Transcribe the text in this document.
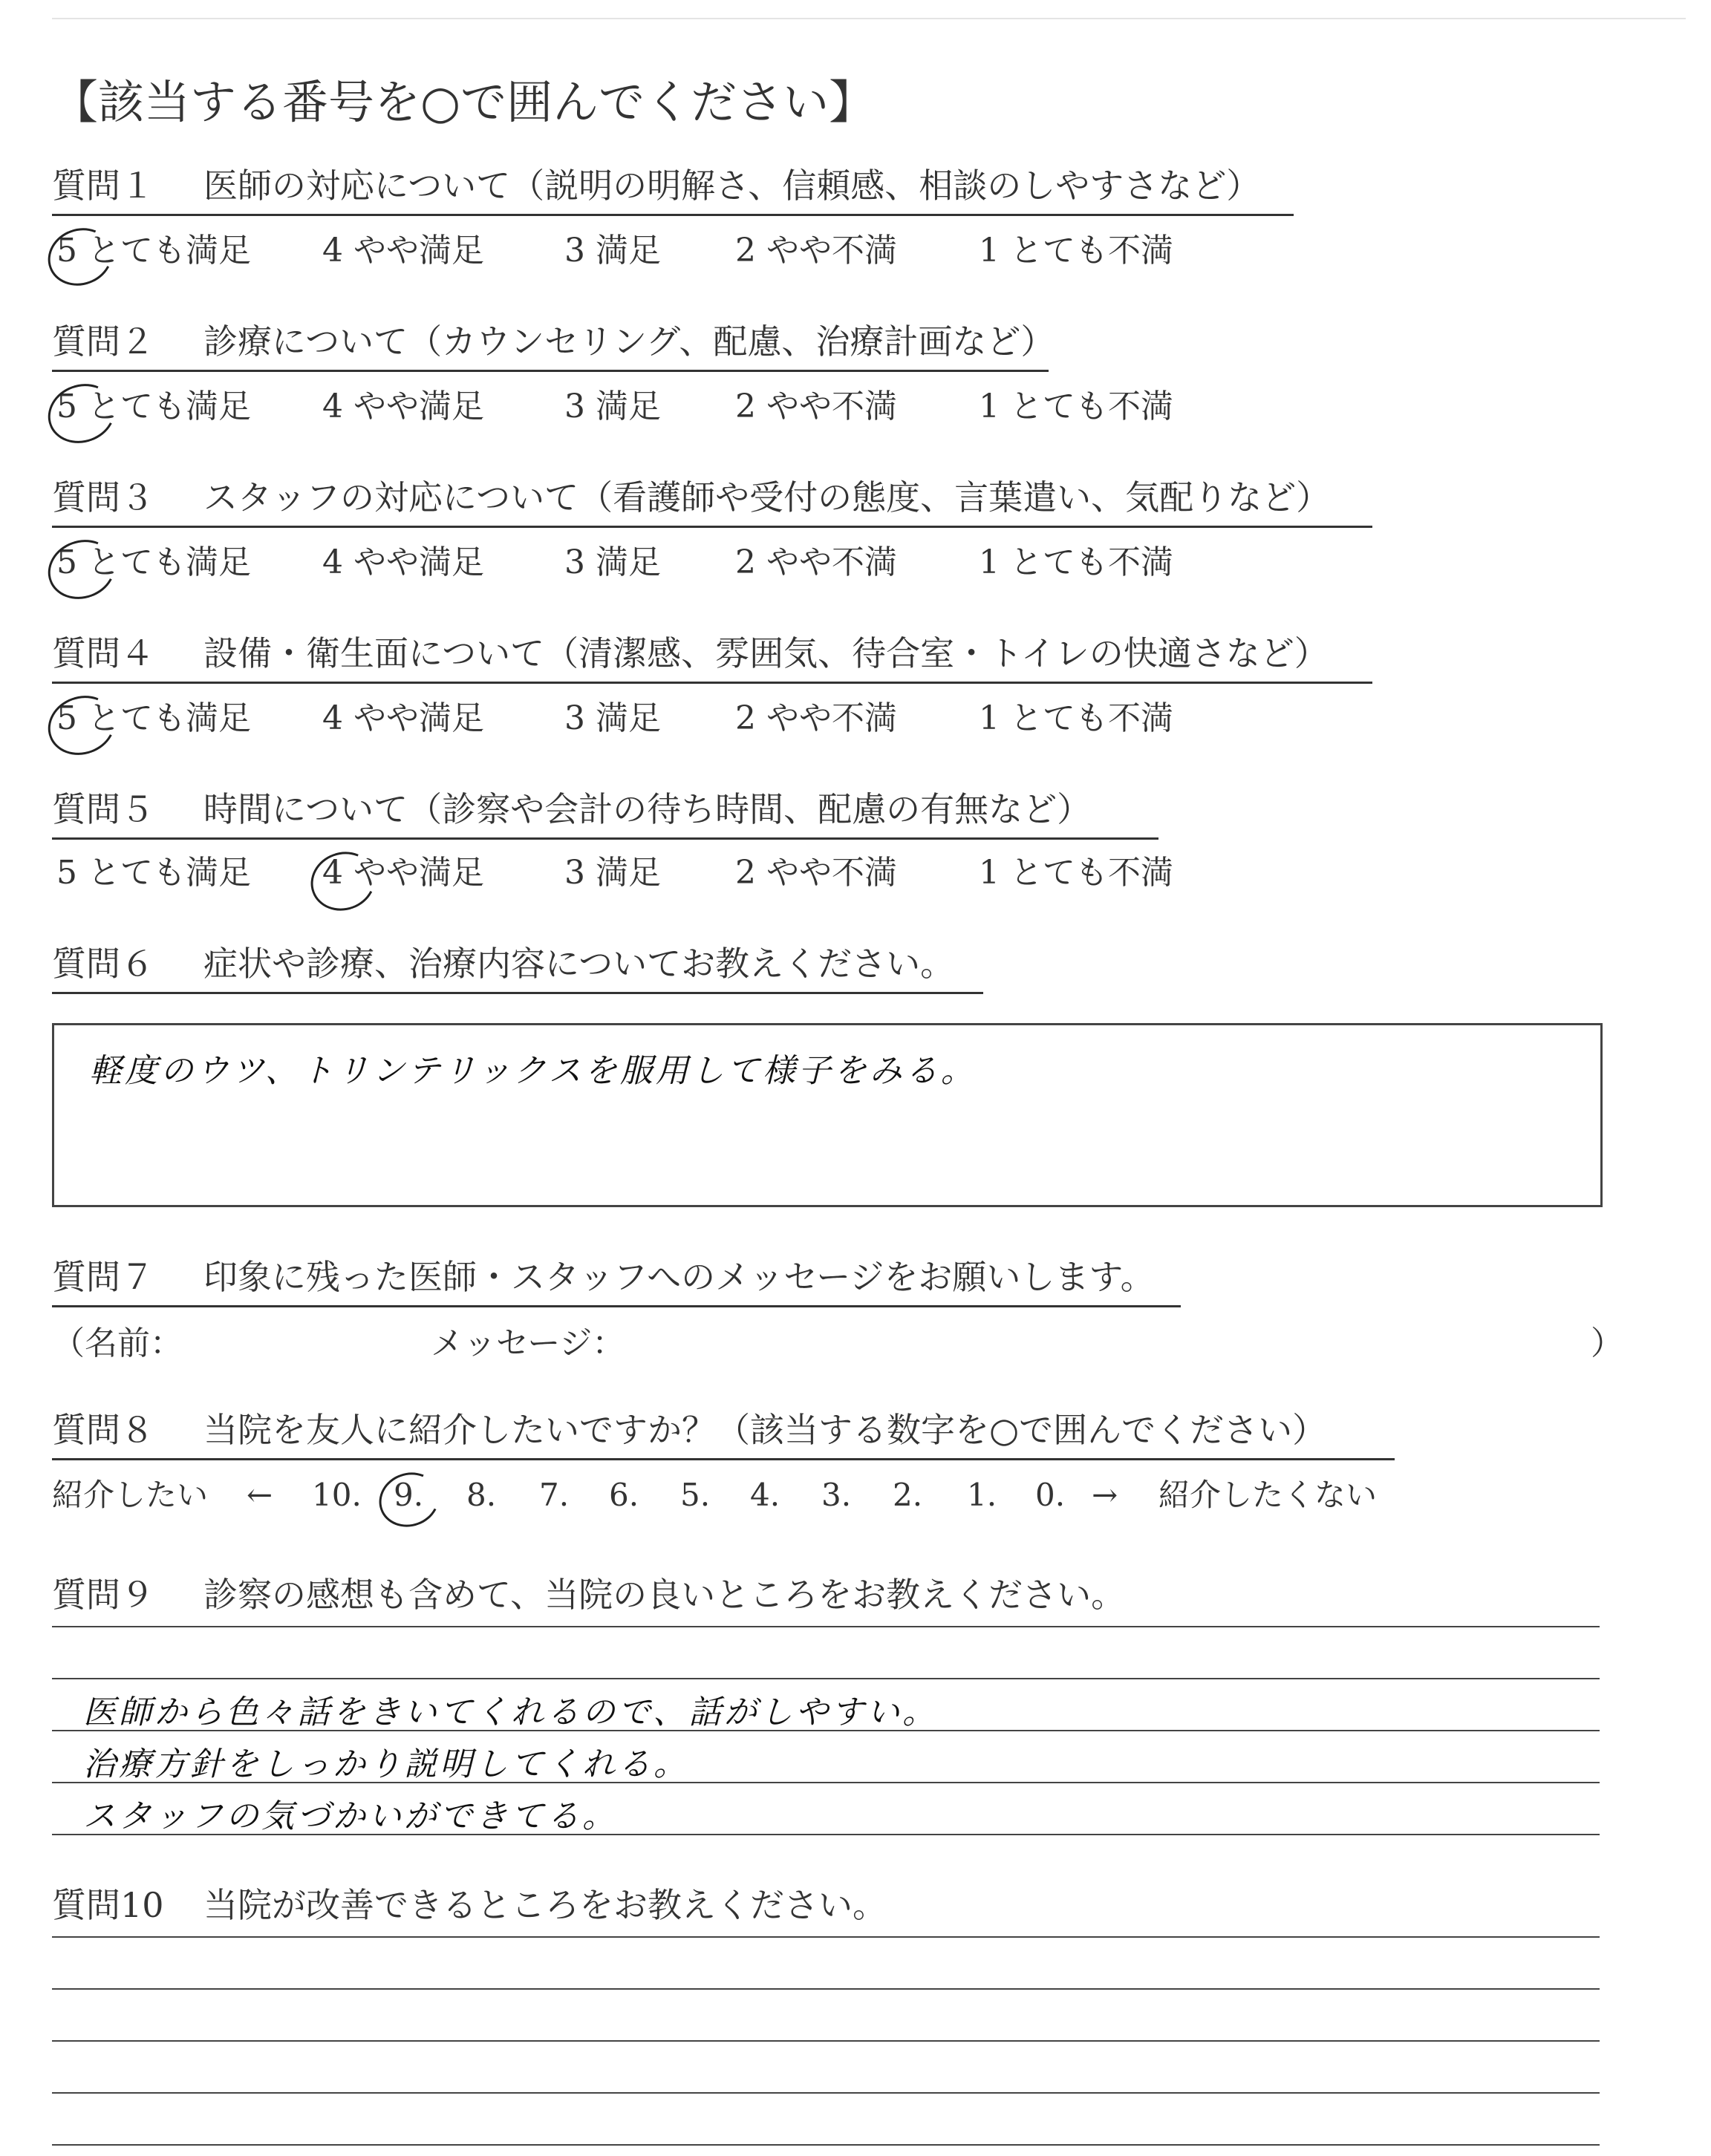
【該当する番号を○で囲んでください】
質問１ 医師の対応について（説明の明解さ、信頼感、相談のしやすさなど）
5 とても満足 4 やや満足 3 満足 2 やや不満	1 とても不満
質問２ 診療について（カウンセリング、配慮、治療計画など）
5 とても満足 4 やや満足 3 満足 2 やや不満	1 とても不満
質問３ スタッフの対応について（看護師や受付の態度、言葉遣い、気配りなど）
5 とても満足 4 やや満足 3 満足 2 やや不満	1 とても不満
質問４ 設備・衛生面について（清潔感、雰囲気、待合室・トイレの快適さなど）
5 とても満足 4 やや満足 3 満足 2 やや不満	1 とても不満
質問５ 時間について（診察や会計の待ち時間、配慮の有無など）
5 とても満足 4 やや満足 3 満足 2 やや不満	1 とても不満
質問６ 症状や診療、治療内容についてお教えください。
軽度のウツ、トリンテリックスを服用して様子をみる。
質問７ 印象に残った医師・スタッフへのメッセージをお願いします。
（名前：	メッセージ：	）
質問８ 当院を友人に紹介したいですか？（該当する数字を○で囲んでください）
紹介したい ← 10. 9. 8. 7. 6. 5. 4. 3. 2. 1. 0. → 紹介したくない
質問９ 診察の感想も含めて、当院の良いところをお教えください。
医師から色々話をきいてくれるので、話がしやすい。
治療方針をしっかり説明してくれる。
スタッフの気づかいができてる。
質問10 当院が改善できるところをお教えください。
